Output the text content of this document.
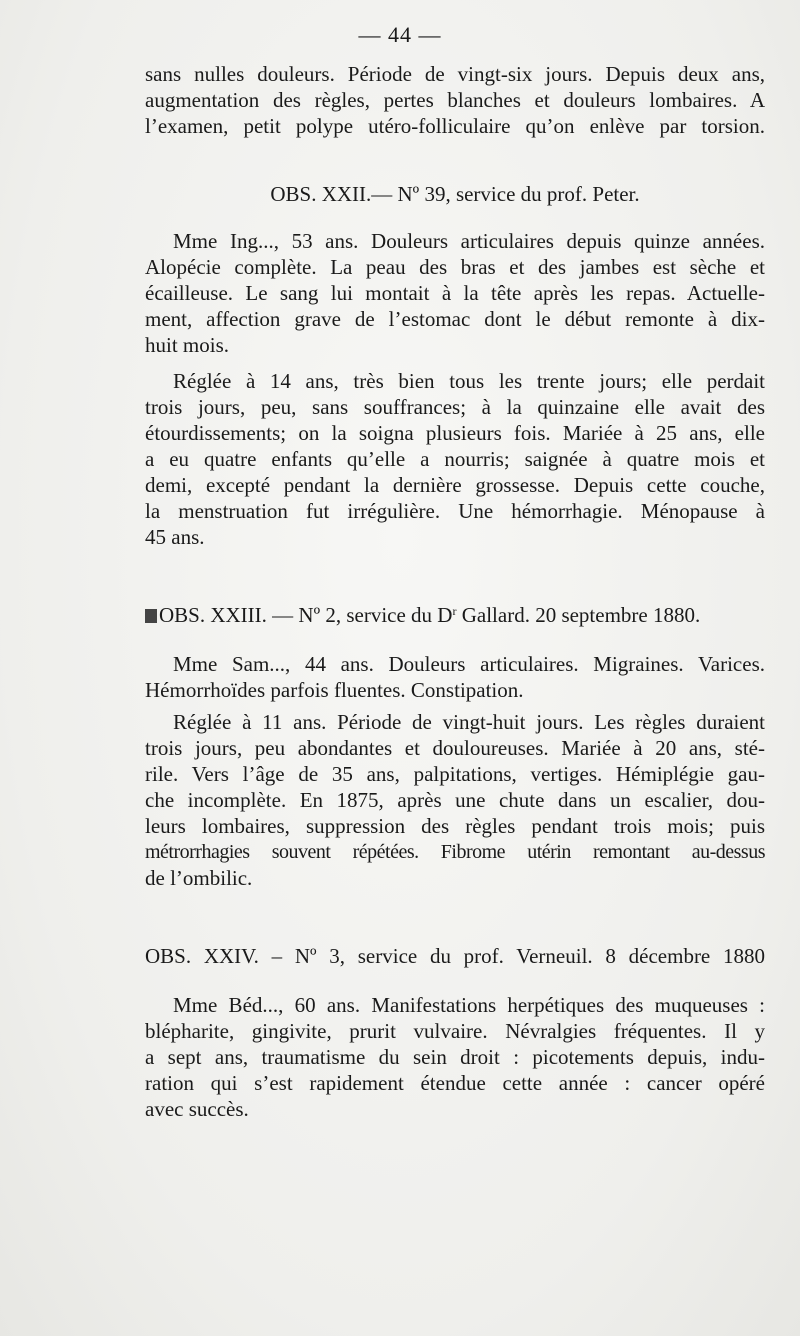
— 44 —
sans nulles douleurs. Période de vingt-six jours. Depuis deux ans,
augmentation des règles, pertes blanches et douleurs lombaires. A
l’examen, petit polype utéro-folliculaire qu’on enlève par torsion.
OBS. XXII.— Nº 39, service du prof. Peter.
Mme Ing..., 53 ans. Douleurs articulaires depuis quinze années.
Alopécie complète. La peau des bras et des jambes est sèche et
écailleuse. Le sang lui montait à la tête après les repas. Actuelle-
ment, affection grave de l’estomac dont le début remonte à dix-
huit mois.
Réglée à 14 ans, très bien tous les trente jours; elle perdait
trois jours, peu, sans souffrances; à la quinzaine elle avait des
étourdissements; on la soigna plusieurs fois. Mariée à 25 ans, elle
a eu quatre enfants qu’elle a nourris; saignée à quatre mois et
demi, excepté pendant la dernière grossesse. Depuis cette couche,
la menstruation fut irrégulière. Une hémorrhagie. Ménopause à
45 ans.
OBS. XXIII. — Nº 2, service du $D^r$ Gallard. 20 septembre 1880.
Mme Sam..., 44 ans. Douleurs articulaires. Migraines. Varices.
Hémorrhoïdes parfois fluentes. Constipation.
Réglée à 11 ans. Période de vingt-huit jours. Les règles duraient
trois jours, peu abondantes et douloureuses. Mariée à 20 ans, sté-
rile. Vers l’âge de 35 ans, palpitations, vertiges. Hémiplégie gau-
che incomplète. En 1875, après une chute dans un escalier, dou-
leurs lombaires, suppression des règles pendant trois mois; puis
métrorrhagies souvent répétées. Fibrome utérin remontant au-dessus
de l’ombilic.
OBS. XXIV. – Nº 3, service du prof. Verneuil. 8 décembre 1880
Mme Béd..., 60 ans. Manifestations herpétiques des muqueuses :
blépharite, gingivite, prurit vulvaire. Névralgies fréquentes. Il y
a sept ans, traumatisme du sein droit : picotements depuis, indu-
ration qui s’est rapidement étendue cette année : cancer opéré
avec succès.
